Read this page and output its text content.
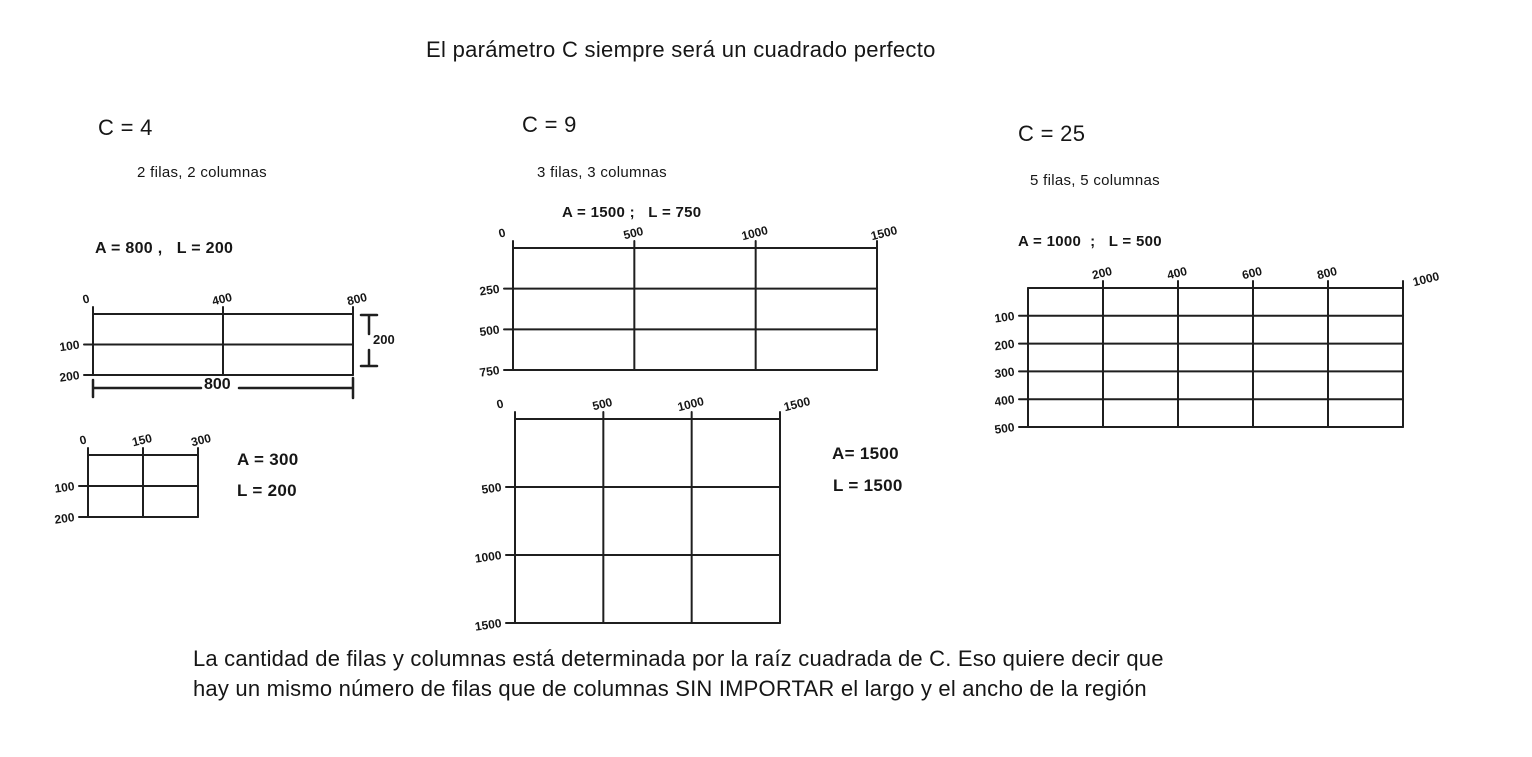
El parámetro C siempre será un cuadrado perfecto
C = 4
2 filas, 2 columnas
A = 800 ,   L = 200
C = 9
3 filas, 3 columnas
A = 1500 ;   L = 750
C = 25
5 filas, 5 columnas
A = 1000  ;   L = 500
0	400	800
100
200
0	150	300
100
200
0	500	1000	1500
250
500
750
0	500	1000	1500
500
1000
1500
200	400	600	800	1000
100
200
300
400
500
200
800
A = 300
L = 200
A= 1500
L = 1500
La cantidad de filas y columnas está determinada por la raíz cuadrada de C. Eso quiere decir que
hay un mismo número de filas que de columnas SIN IMPORTAR el largo y el ancho de la región
